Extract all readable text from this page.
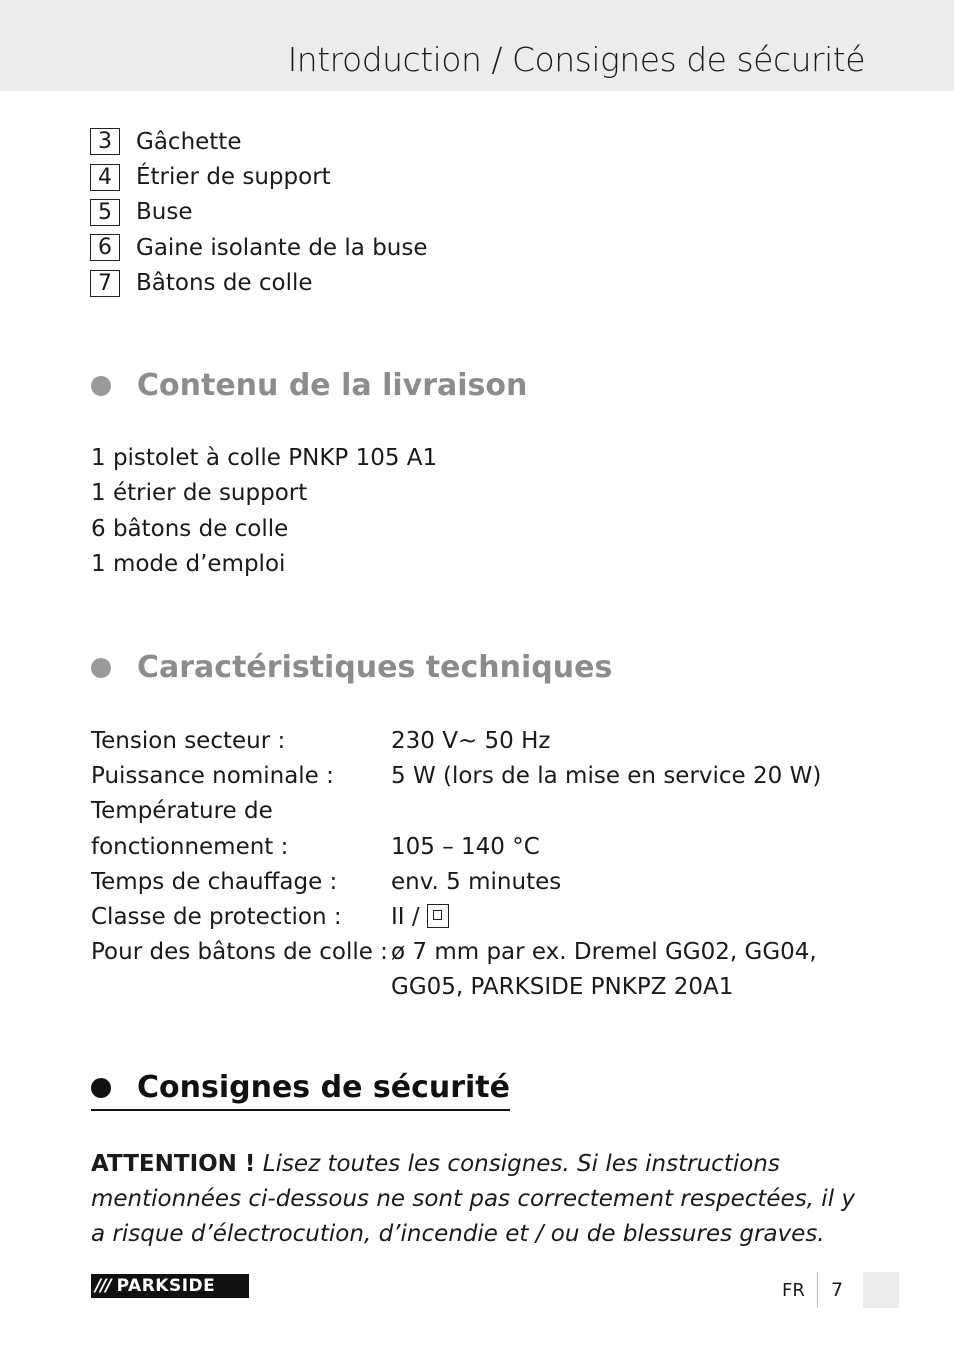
Introduction / Consignes de sécurité
3	Gâchette
4	Étrier de support
5	Buse
6	Gaine isolante de la buse
7	Bâtons de colle
Contenu de la livraison
1 pistolet à colle PNKP 105 A1
1 étrier de support
6 bâtons de colle
1 mode d’emploi
Caractéristiques techniques
Tension secteur :	230 V~ 50 Hz
Puissance nominale :	5 W (lors de la mise en service 20 W)
Température de
fonctionnement :	105 – 140 °C
Temps de chauffage :	env. 5 minutes
Classe de protection :	II /
Pour des bâtons de colle : ø 7 mm par ex. Dremel GG02, GG04,
GG05, PARKSIDE PNKPZ 20A1
Consignes de sécurité
ATTENTION ! Lisez toutes les consignes. Si les instructions mentionnées ci-dessous ne sont pas correctement respectées, il y a risque d’électrocution, d’incendie et / ou de blessures graves.
/// PARKSIDE	FR 7
